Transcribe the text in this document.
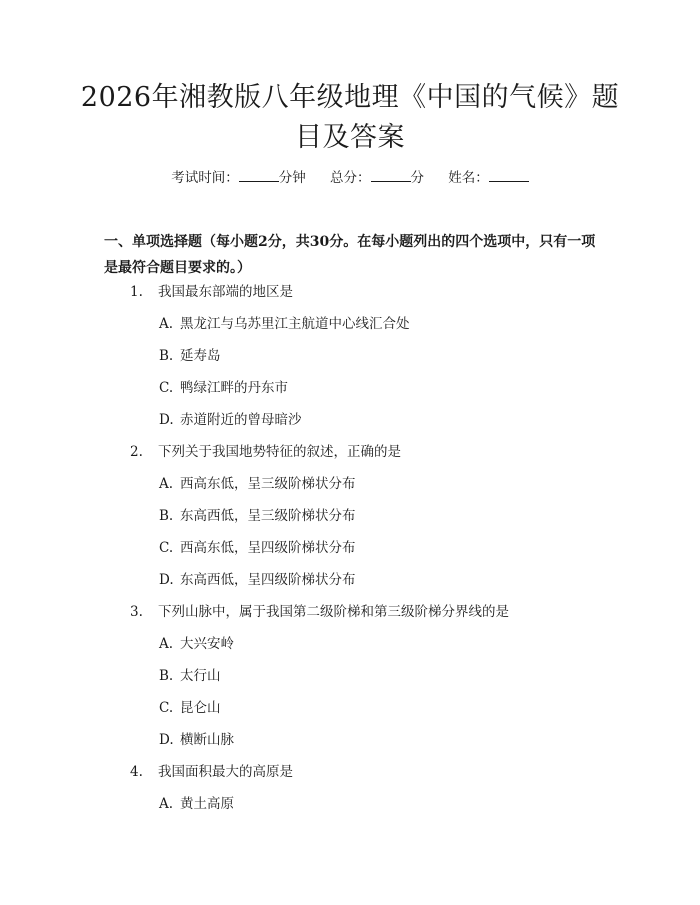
2026年湘教版八年级地理《中国的气候》题目及答案
考试时间：	分钟 总分：	分 姓名：
一、单项选择题（每小题2分，共30分。在每小题列出的四个选项中，只有一项是最符合题目要求的。）
1.	我国最东部端的地区是
A. 黑龙江与乌苏里江主航道中心线汇合处
B. 延寿岛
C. 鸭绿江畔的丹东市
D. 赤道附近的曾母暗沙
2.	下列关于我国地势特征的叙述，正确的是
A. 西高东低，呈三级阶梯状分布
B. 东高西低，呈三级阶梯状分布
C. 西高东低，呈四级阶梯状分布
D. 东高西低，呈四级阶梯状分布
3.	下列山脉中，属于我国第二级阶梯和第三级阶梯分界线的是
A. 大兴安岭
B. 太行山
C. 昆仑山
D. 横断山脉
4.	我国面积最大的高原是
A. 黄土高原
